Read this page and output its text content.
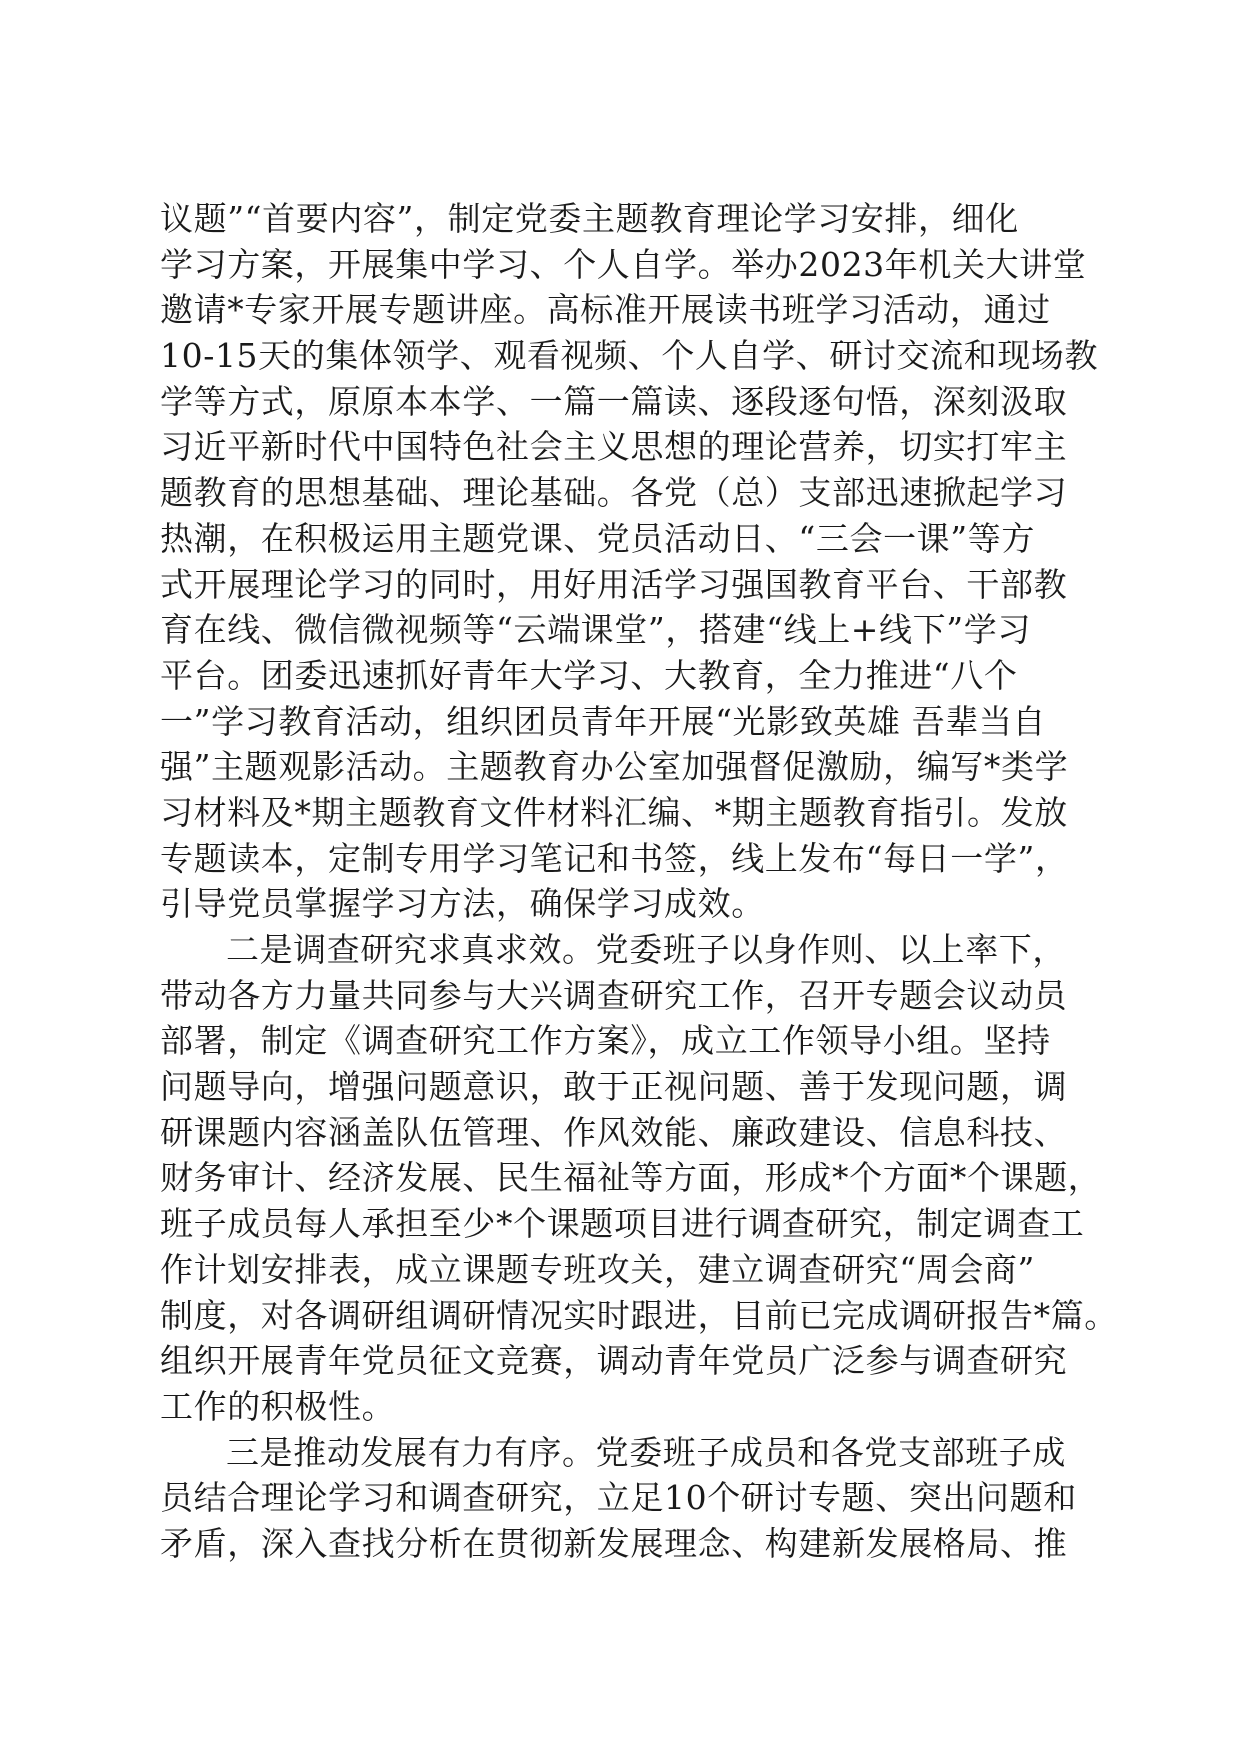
议题”“首要内容”，制定党委主题教育理论学习安排，细化
学习方案，开展集中学习、个人自学。举办2023年机关大讲堂
邀请*专家开展专题讲座。高标准开展读书班学习活动，通过
10-15天的集体领学、观看视频、个人自学、研讨交流和现场教
学等方式，原原本本学、一篇一篇读、逐段逐句悟，深刻汲取
习近平新时代中国特色社会主义思想的理论营养，切实打牢主
题教育的思想基础、理论基础。各党（总）支部迅速掀起学习
热潮，在积极运用主题党课、党员活动日、“三会一课”等方
式开展理论学习的同时，用好用活学习强国教育平台、干部教
育在线、微信微视频等“云端课堂”，搭建“线上+线下”学习
平台。团委迅速抓好青年大学习、大教育，全力推进“八个
一”学习教育活动，组织团员青年开展“光影致英雄 吾辈当自
强”主题观影活动。主题教育办公室加强督促激励，编写*类学
习材料及*期主题教育文件材料汇编、*期主题教育指引。发放
专题读本，定制专用学习笔记和书签，线上发布“每日一学”，
引导党员掌握学习方法，确保学习成效。
二是调查研究求真求效。党委班子以身作则、以上率下，
带动各方力量共同参与大兴调查研究工作，召开专题会议动员
部署，制定《调查研究工作方案》，成立工作领导小组。坚持
问题导向，增强问题意识，敢于正视问题、善于发现问题，调
研课题内容涵盖队伍管理、作风效能、廉政建设、信息科技、
财务审计、经济发展、民生福祉等方面，形成*个方面*个课题，
班子成员每人承担至少*个课题项目进行调查研究，制定调查工
作计划安排表，成立课题专班攻关，建立调查研究“周会商”
制度，对各调研组调研情况实时跟进，目前已完成调研报告*篇。
组织开展青年党员征文竞赛，调动青年党员广泛参与调查研究
工作的积极性。
三是推动发展有力有序。党委班子成员和各党支部班子成
员结合理论学习和调查研究，立足10个研讨专题、突出问题和
矛盾，深入查找分析在贯彻新发展理念、构建新发展格局、推
